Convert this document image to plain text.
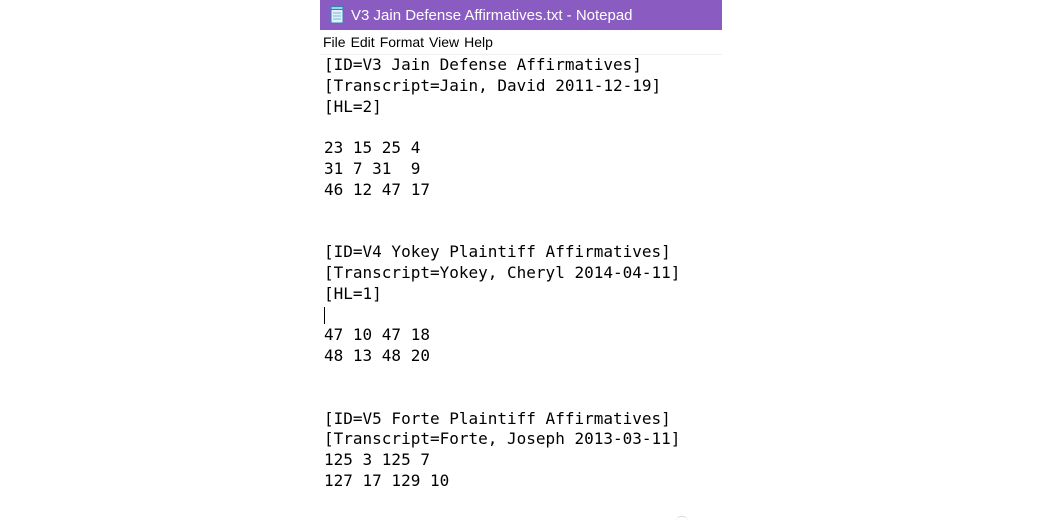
V3 Jain Defense Affirmatives.txt - Notepad
File Edit Format View Help
[ID=V3 Jain Defense Affirmatives]
[Transcript=Jain, David 2011-12-19]
[HL=2]
23 15 25 4
31 7 31  9
46 12 47 17
[ID=V4 Yokey Plaintiff Affirmatives]
[Transcript=Yokey, Cheryl 2014-04-11]
[HL=1]
47 10 47 18
48 13 48 20
[ID=V5 Forte Plaintiff Affirmatives]
[Transcript=Forte, Joseph 2013-03-11]
125 3 125 7
127 17 129 10
